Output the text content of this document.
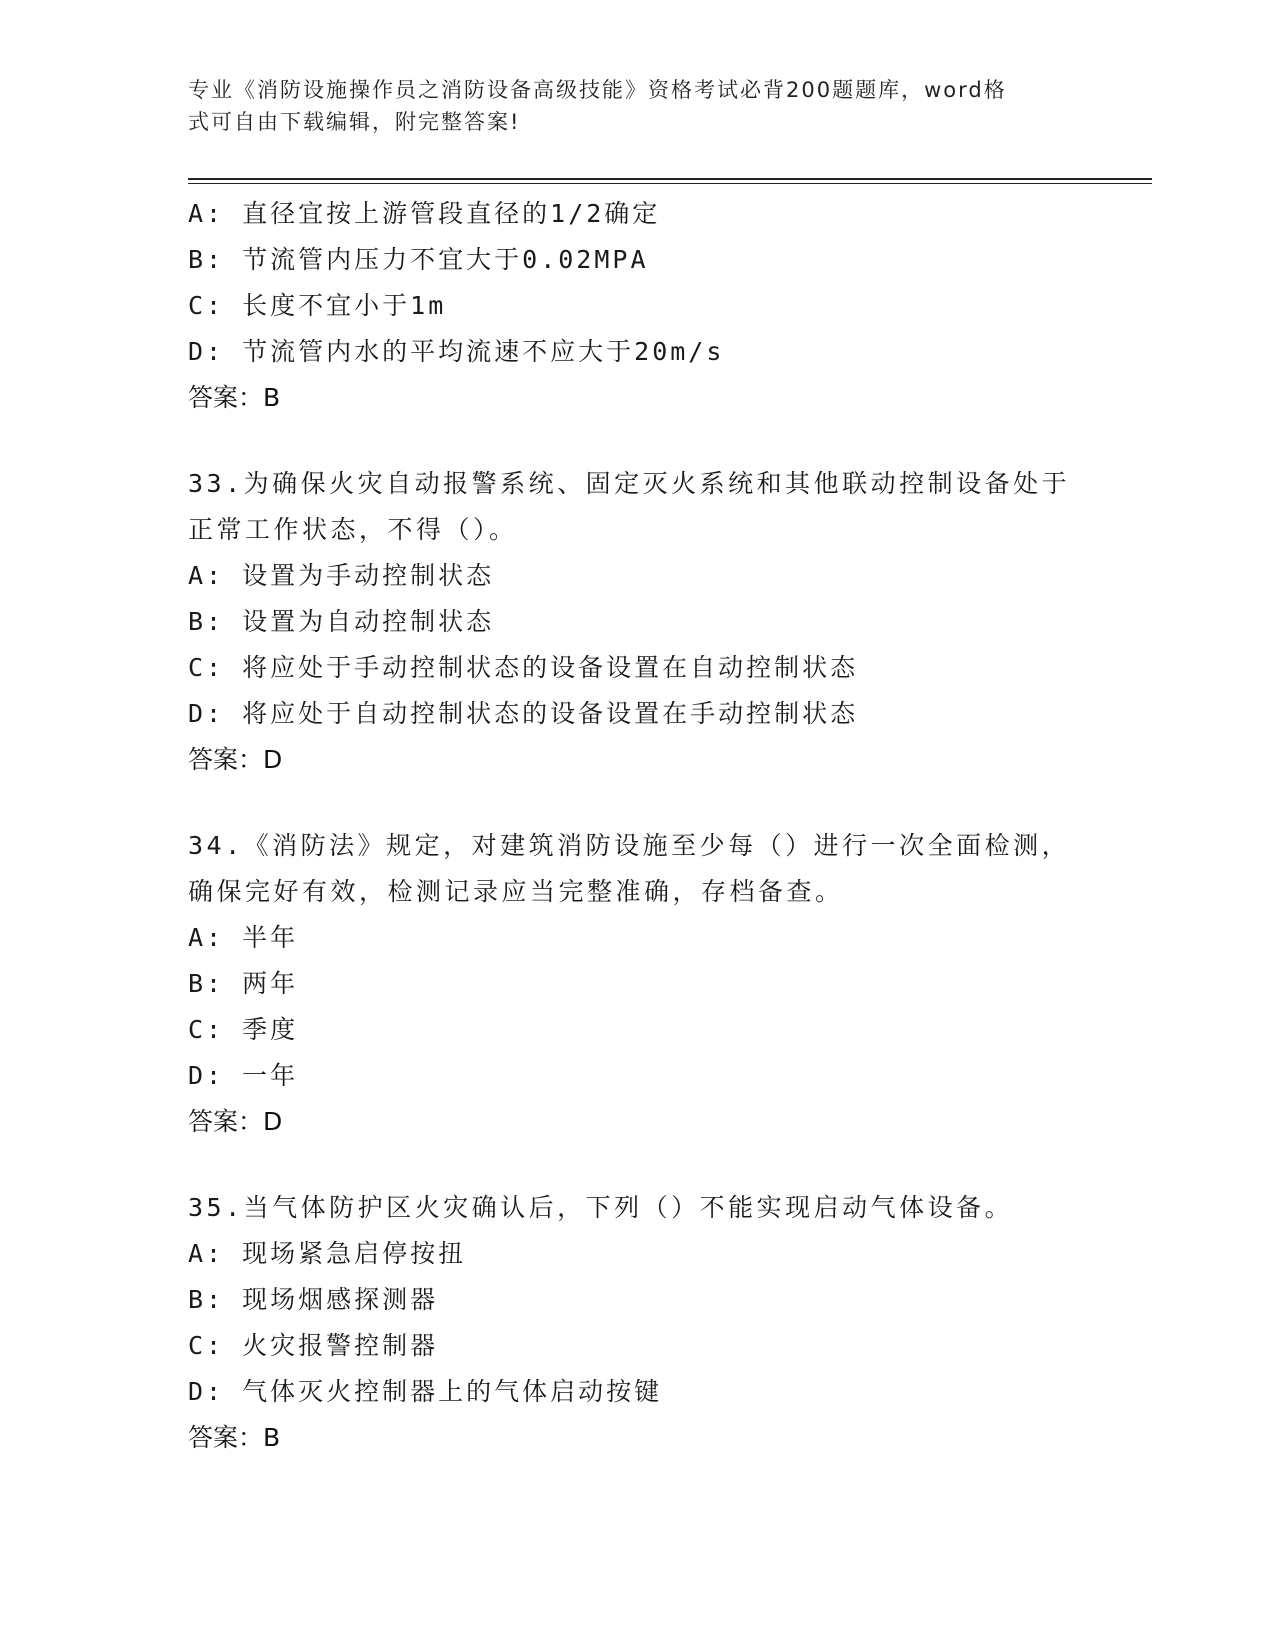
专业《消防设施操作员之消防设备高级技能》资格考试必背200题题库，word格
式可自由下载编辑，附完整答案!
A: 直径宜按上游管段直径的1/2确定
B: 节流管内压力不宜大于0.02MPA
C: 长度不宜小于1m
D: 节流管内水的平均流速不应大于20m/s
答案：B
33.为确保火灾自动报警系统、固定灭火系统和其他联动控制设备处于
正常工作状态，不得（）。
A: 设置为手动控制状态
B: 设置为自动控制状态
C: 将应处于手动控制状态的设备设置在自动控制状态
D: 将应处于自动控制状态的设备设置在手动控制状态
答案：D
34.《消防法》规定，对建筑消防设施至少每（）进行一次全面检测，
确保完好有效，检测记录应当完整准确，存档备查。
A: 半年
B: 两年
C: 季度
D: 一年
答案：D
35.当气体防护区火灾确认后，下列（）不能实现启动气体设备。
A: 现场紧急启停按扭
B: 现场烟感探测器
C: 火灾报警控制器
D: 气体灭火控制器上的气体启动按键
答案：B
